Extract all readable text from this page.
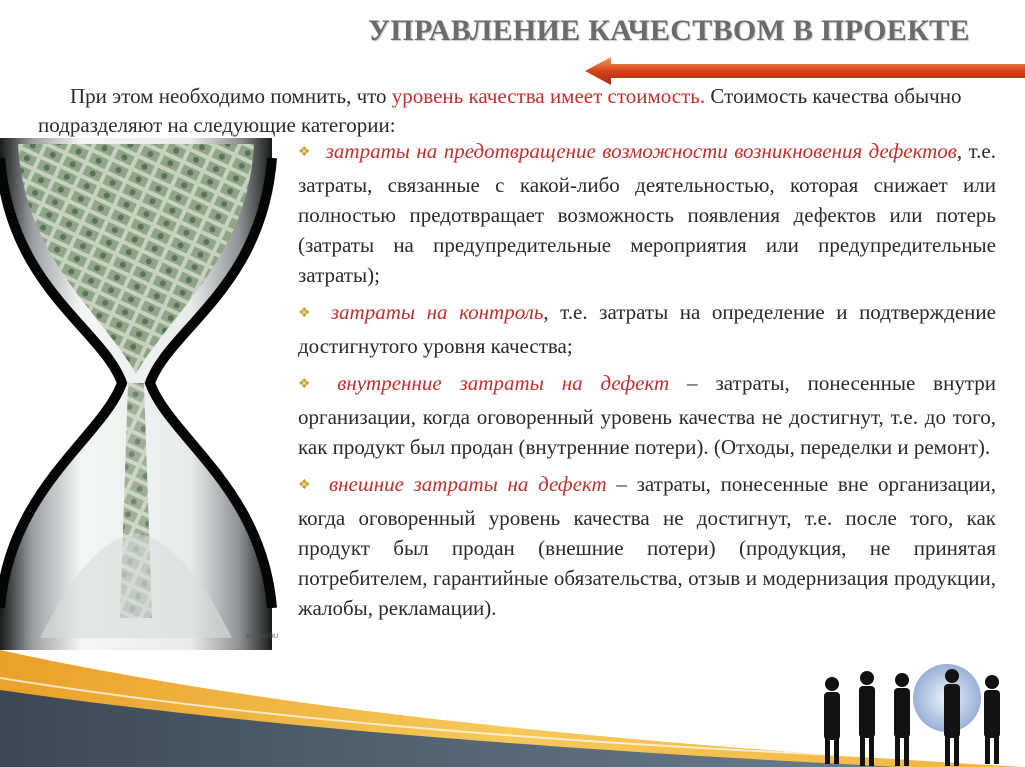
УПРАВЛЕНИЕ КАЧЕСТВОМ В ПРОЕКТЕ
При этом необходимо помнить, что уровень качества имеет стоимость. Стоимость качества обычно подразделяют на следующие категории:
ALLDAY.RU
❖ затраты на предотвращение возможности возникновения дефектов, т.е. затраты, связанные с какой-либо деятельностью, которая снижает или полностью предотвращает возможность появления дефектов или потерь (затраты на предупредительные мероприятия или предупредительные затраты);
❖ затраты на контроль, т.е. затраты на определение и подтверждение достигнутого уровня качества;
❖ внутренние затраты на дефект – затраты, понесенные внутри организации, когда оговоренный уровень качества не достигнут, т.е. до того, как продукт был продан (внутренние потери). (Отходы, переделки и ремонт).
❖ внешние затраты на дефект – затраты, понесенные вне организации, когда оговоренный уровень качества не достигнут, т.е. после того, как продукт был продан (внешние потери) (продукция, не принятая потребителем, гарантийные обязательства, отзыв и модернизация продукции, жалобы, рекламации).
